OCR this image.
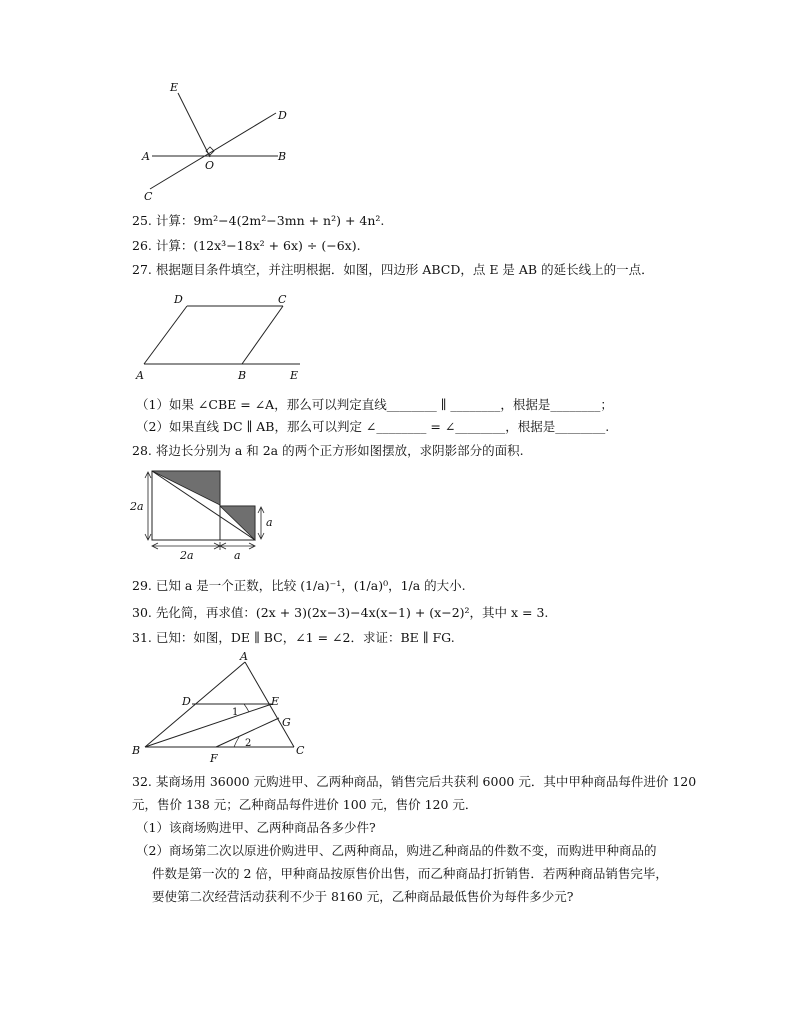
E
D
A	B
O
C
25. 计算：9m²−4(2m²−3mn + n²) + 4n².
26. 计算：(12x³−18x² + 6x) ÷ (−6x).
27. 根据题目条件填空，并注明根据．如图，四边形 ABCD，点 E 是 AB 的延长线上的一点．
D	C
A	B	E
（1）如果 ∠CBE = ∠A，那么可以判定直线________ ∥ ________，根据是________；
（2）如果直线 DC ∥ AB，那么可以判定 ∠________ = ∠________，根据是________.
28. 将边长分别为 a 和 2a 的两个正方形如图摆放，求阴影部分的面积.
2a
2a	a
a
29. 已知 a 是一个正数，比较 (1/a)⁻¹，(1/a)⁰，1/a 的大小.
30. 先化简，再求值：(2x + 3)(2x−3)−4x(x−1) + (x−2)²，其中 x = 3.
31. 已知：如图，DE ∥ BC，∠1 = ∠2．求证：BE ∥ FG.
A
D	E
G
B
F
C
1
2
32. 某商场用 36000 元购进甲、乙两种商品，销售完后共获利 6000 元．其中甲种商品每件进价 120
元，售价 138 元；乙种商品每件进价 100 元，售价 120 元．
（1）该商场购进甲、乙两种商品各多少件?
（2）商场第二次以原进价购进甲、乙两种商品，购进乙种商品的件数不变，而购进甲种商品的
件数是第一次的 2 倍，甲种商品按原售价出售，而乙种商品打折销售．若两种商品销售完毕，
要使第二次经营活动获利不少于 8160 元，乙种商品最低售价为每件多少元?
